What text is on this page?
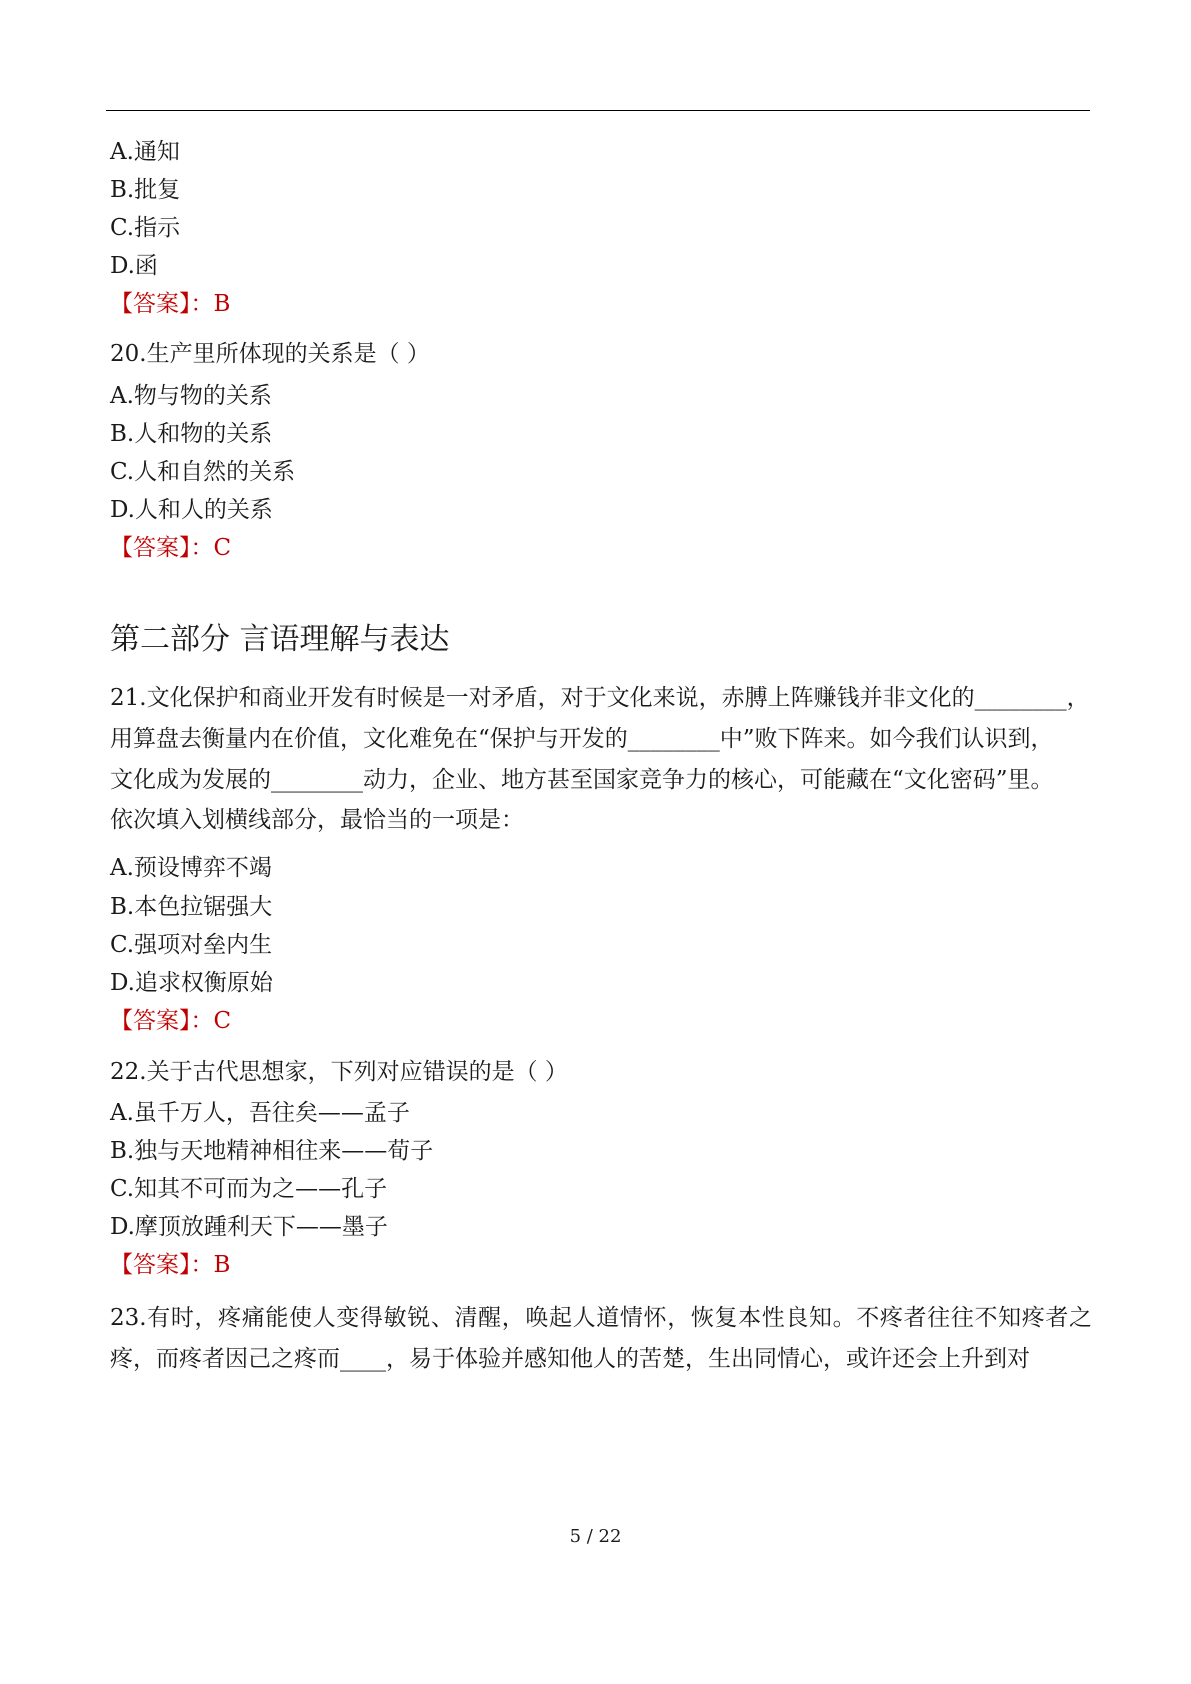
A.通知
B.批复
C.指示
D.函
【答案】：B
20.生产里所体现的关系是（ ）
A.物与物的关系
B.人和物的关系
C.人和自然的关系
D.人和人的关系
【答案】：C
第二部分 言语理解与表达
21.文化保护和商业开发有时候是一对矛盾，对于文化来说，赤膊上阵赚钱并非文化的________，
用算盘去衡量内在价值，文化难免在“保护与开发的________中”败下阵来。如今我们认识到，
文化成为发展的________动力，企业、地方甚至国家竞争力的核心，可能藏在“文化密码”里。
依次填入划横线部分，最恰当的一项是：
A.预设博弈不竭
B.本色拉锯强大
C.强项对垒内生
D.追求权衡原始
【答案】：C
22.关于古代思想家，下列对应错误的是（ ）
A.虽千万人，吾往矣——孟子
B.独与天地精神相往来——荀子
C.知其不可而为之——孔子
D.摩顶放踵利天下——墨子
【答案】：B
23.有时，疼痛能使人变得敏锐、清醒，唤起人道情怀，恢复本性良知。不疼者往往不知疼者之疼，而疼者因己之疼而____，易于体验并感知他人的苦楚，生出同情心，或许还会上升到对
5 / 22
